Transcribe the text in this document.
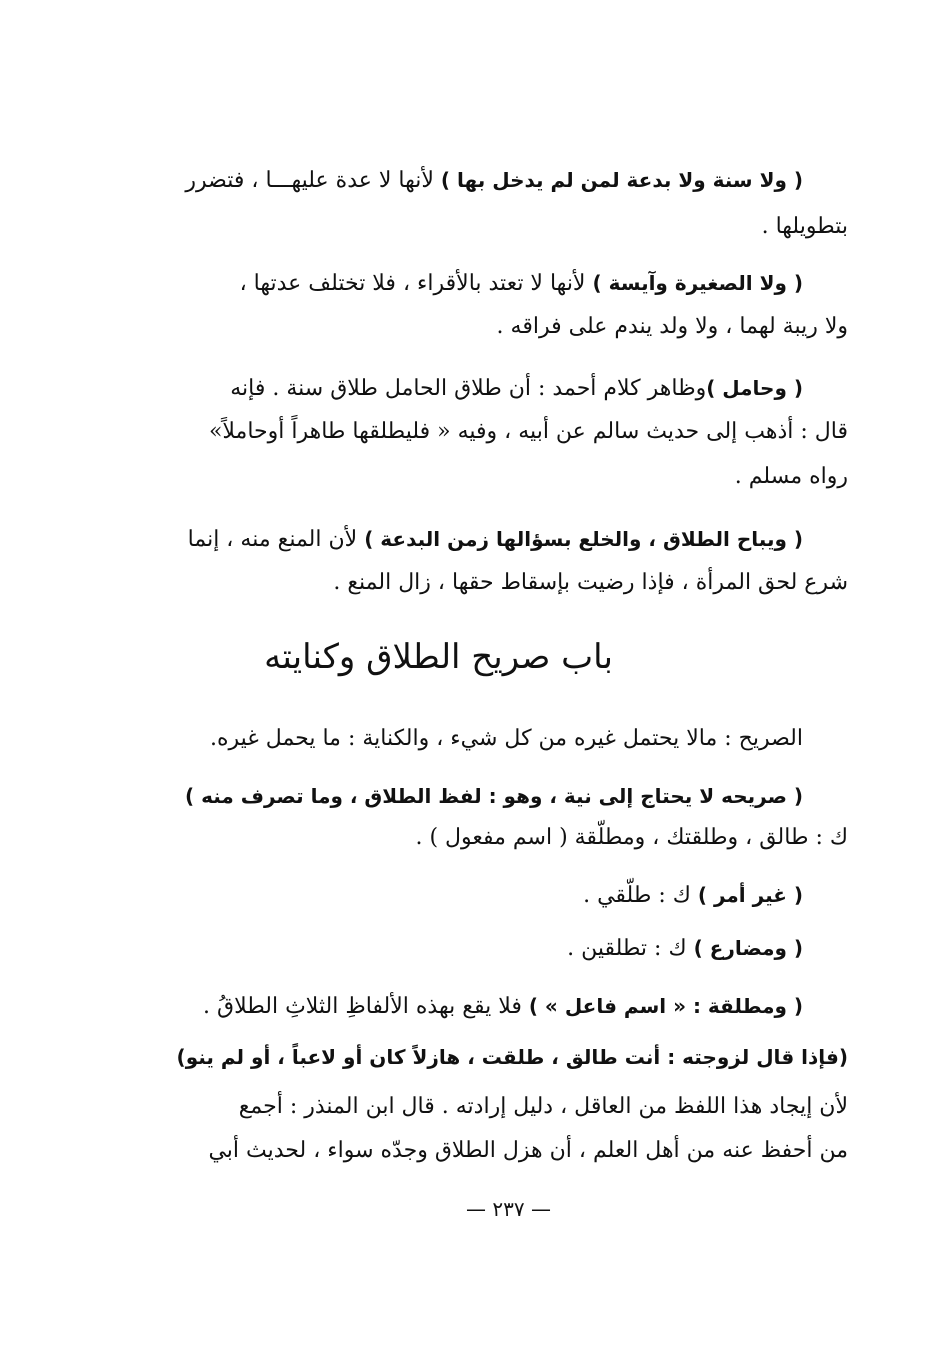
( ولا سنة ولا بدعة لمن لم يدخل بها ) لأنها لا عدة عليهـــا ، فتضرر
بتطويلها .
( ولا الصغيرة وآيسة ) لأنها لا تعتد بالأقراء ، فلا تختلف عدتها ،
ولا ريبة لهما ، ولا ولد يندم على فراقه .
( وحامل )وظاهر كلام أحمد : أن طلاق الحامل طلاق سنة . فإنه
قال : أذهب إلى حديث سالم عن أبيه ، وفيه « فليطلقها طاهراً أوحاملاً»
رواه مسلم .
( ويباح الطلاق ، والخلع بسؤالها زمن البدعة ) لأن المنع منه ، إنما
شرع لحق المرأة ، فإذا رضيت بإسقاط حقها ، زال المنع .
باب صريح الطلاق وكنايته
الصريح : مالا يحتمل غيره من كل شيء ، والكناية : ما يحمل غيره.
( صريحه لا يحتاج إلى نية ، وهو : لفظ الطلاق ، وما تصرف منه )
ك : طالق ، وطلقتك ، ومطلّقة ( اسم مفعول ) .
( غير أمر ) ك : طلّقي .
( ومضارع ) ك : تطلقين .
( ومطلقة : « اسم فاعل » ) فلا يقع بهذه الألفاظِ الثلاثِ الطلاقُ .
(فإذا قال لزوجته : أنت طالق ، طلقت ، هازلاً كان أو لاعباً ، أو لم ينو)
لأن إيجاد هذا اللفظ من العاقل ، دليل إرادته . قال ابن المنذر : أجمع
من أحفظ عنه من أهل العلم ، أن هزل الطلاق وجدّه سواء ، لحديث أبي
— ٢٣٧ —
